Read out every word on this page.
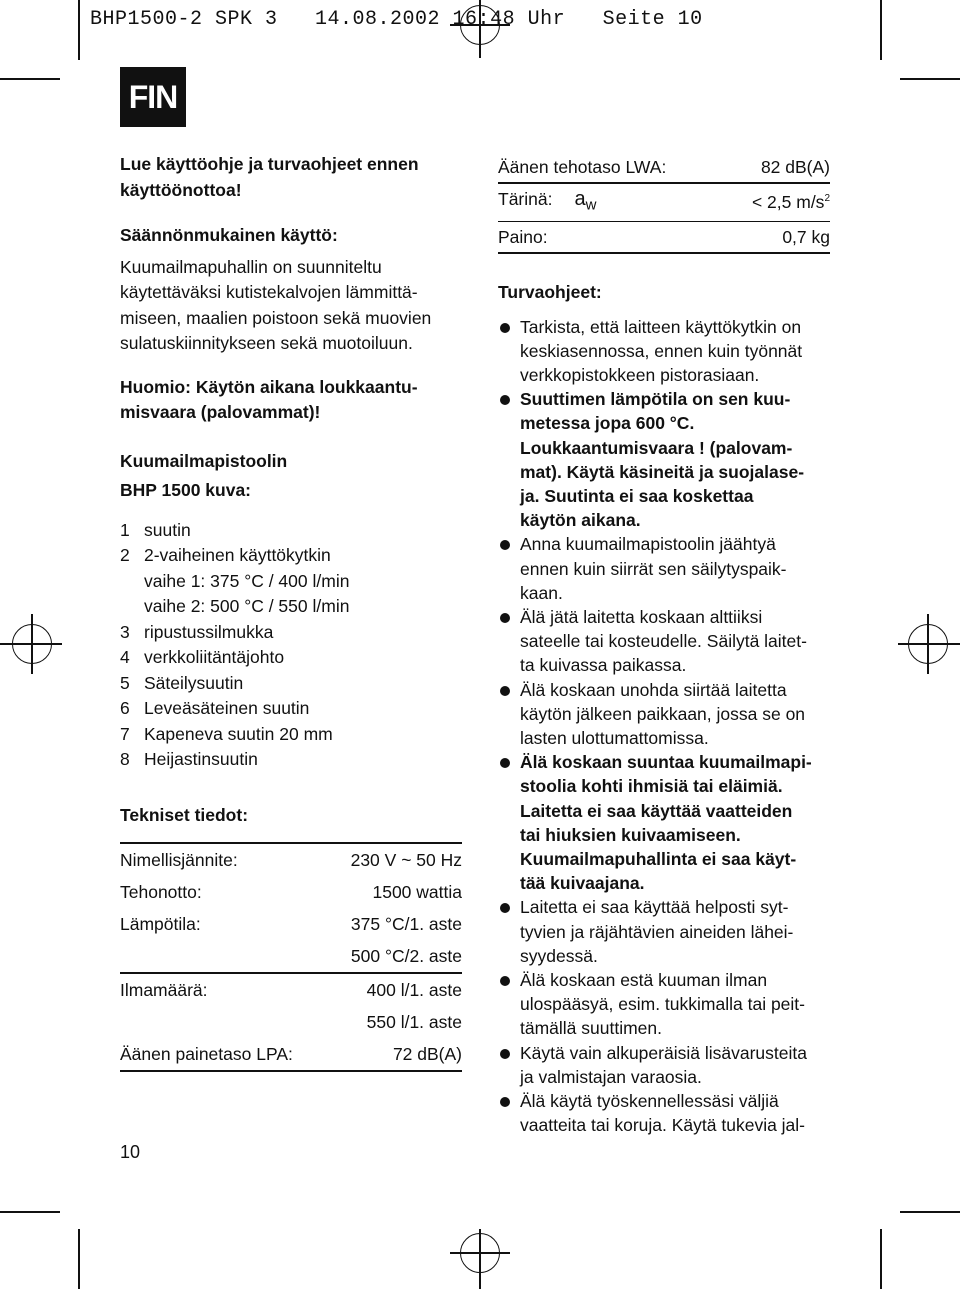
BHP1500-2 SPK 3   14.08.2002 16:48 Uhr   Seite 10
FIN
Lue käyttöohje ja turvaohjeet ennen
käyttöönottoa!
Säännönmukainen käyttö:
Kuumailmapuhallin on suunniteltu
käytettäväksi kutistekalvojen lämmittä-
miseen, maalien poistoon sekä muovien
sulatuskiinnitykseen sekä muotoiluun.
Huomio: Käytön aikana loukkaantu-
misvaara (palovammat)!
Kuumailmapistoolin
BHP 1500 kuva:
1 suutin
2 2-vaiheinen käyttökytkin
vaihe 1: 375 °C / 400 l/min
vaihe 2: 500 °C / 550 l/min
3 ripustussilmukka
4 verkkoliitäntäjohto
5 Säteilysuutin
6 Leveäsäteinen suutin
7 Kapeneva suutin 20 mm
8 Heijastinsuutin
Tekniset tiedot:
Nimellisjännite:	230 V ~ 50 Hz
Tehonotto:	1500 wattia
Lämpötila:	375 °C/1. aste
500 °C/2. aste
Ilmamäärä:	400 l/1. aste
550 l/1. aste
Äänen painetaso LPA:	72 dB(A)
10
Äänen tehotaso LWA:	82 dB(A)
Tärinä: $a_w$	< 2,5 $m/s^2$
Paino:	0,7 kg
Turvaohjeet:
Tarkista, että laitteen käyttökytkin on
keskiasennossa, ennen kuin työnnät
verkkopistokkeen pistorasiaan.
Suuttimen lämpötila on sen kuu-
metessa jopa 600 °C.
Loukkaantumisvaara ! (palovam-
mat). Käytä käsineitä ja suojalase-
ja. Suutinta ei saa koskettaa
käytön aikana.
Anna kuumailmapistoolin jäähtyä
ennen kuin siirrät sen säilytyspaik-
kaan.
Älä jätä laitetta koskaan alttiiksi
sateelle tai kosteudelle. Säilytä laitet-
ta kuivassa paikassa.
Älä koskaan unohda siirtää laitetta
käytön jälkeen paikkaan, jossa se on
lasten ulottumattomissa.
Älä koskaan suuntaa kuumailmapi-
stoolia kohti ihmisiä tai eläimiä.
Laitetta ei saa käyttää vaatteiden
tai hiuksien kuivaamiseen.
Kuumailmapuhallinta ei saa käyt-
tää kuivaajana.
Laitetta ei saa käyttää helposti syt-
tyvien ja räjähtävien aineiden lähei-
syydessä.
Älä koskaan estä kuuman ilman
ulospääsyä, esim. tukkimalla tai peit-
tämällä suuttimen.
Käytä vain alkuperäisiä lisävarusteita
ja valmistajan varaosia.
Älä käytä työskennellessäsi väljiä
vaatteita tai koruja. Käytä tukevia jal-
